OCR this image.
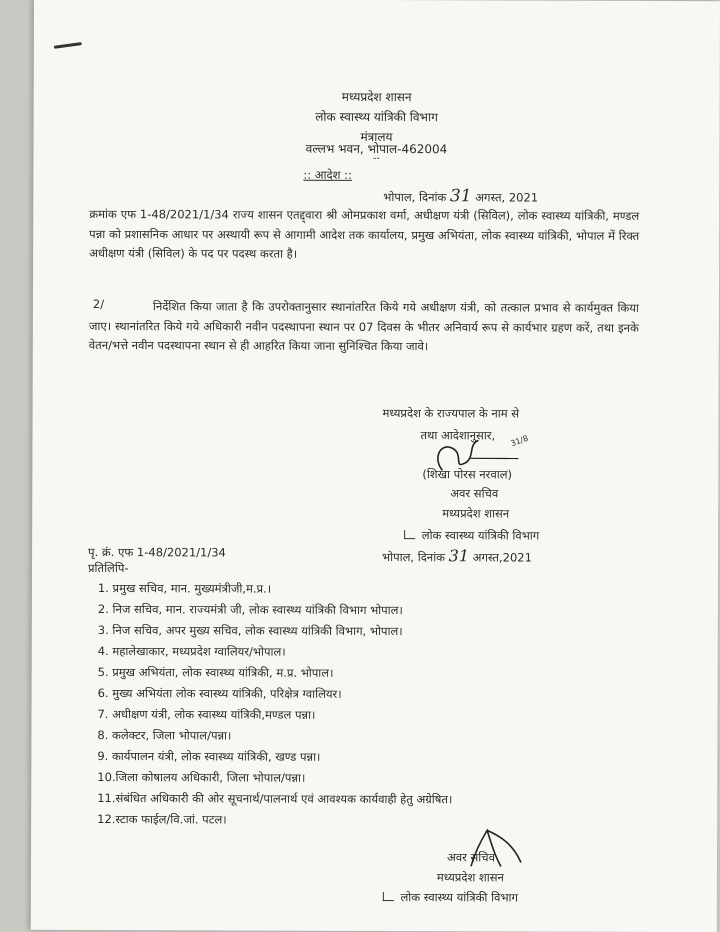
मध्यप्रदेश शासन
लोक स्वास्थ्य यांत्रिकी विभाग
मंत्रालय
वल्लभ भवन, भोपाल-462004
--
:: आदेश ::
भोपाल, दिनांक 31 अगस्त, 2021
क्रमांक एफ 1-48/2021/1/34 राज्य शासन एतद्द्वारा श्री ओमप्रकाश वर्मा, अधीक्षण यंत्री (सिविल), लोक स्वास्थ्य यांत्रिकी, मण्डल पन्ना को प्रशासनिक आधार पर अस्थायी रूप से आगामी आदेश तक कार्यालय, प्रमुख अभियंता, लोक स्वास्थ्य यांत्रिकी, भोपाल में रिक्त अधीक्षण यंत्री (सिविल) के पद पर पदस्थ करता है।
2/	निर्देशित किया जाता है कि उपरोक्तानुसार स्थानांतरित किये गये अधीक्षण यंत्री, को तत्काल प्रभाव से कार्यमुक्त किया जाए। स्थानांतरित किये गये अधिकारी नवीन पदस्थापना स्थान पर 07 दिवस के भीतर अनिवार्य रूप से कार्यभार ग्रहण करें, तथा इनके वेतन/भत्ते नवीन पदस्थापना स्थान से ही आहरित किया जाना सुनिश्चित किया जावे।
मध्यप्रदेश के राज्यपाल के नाम से
तथा आदेशानुसार, 31/8
(शिखा पोरस नरवाल)
अवर सचिव
मध्यप्रदेश शासन
लोक स्वास्थ्य यांत्रिकी विभाग
पृ. क्रं. एफ 1-48/2021/1/34	भोपाल, दिनांक 31 अगस्त,2021
प्रतिलिपि-
1. प्रमुख सचिव, मान. मुख्यमंत्रीजी,म.प्र.।
2. निज सचिव, मान. राज्यमंत्री जी, लोक स्वास्थ्य यांत्रिकी विभाग भोपाल।
3. निज सचिव, अपर मुख्य सचिव, लोक स्वास्थ्य यांत्रिकी विभाग, भोपाल।
4. महालेखाकार, मध्यप्रदेश ग्वालियर/भोपाल।
5. प्रमुख अभियंता, लोक स्वास्थ्य यांत्रिकी, म.प्र. भोपाल।
6. मुख्य अभियंता लोक स्वास्थ्य यांत्रिकी, परिक्षेत्र ग्वालियर।
7. अधीक्षण यंत्री, लोक स्वास्थ्य यांत्रिकी,मण्डल पन्ना।
8. कलेक्टर, जिला भोपाल/पन्ना।
9. कार्यपालन यंत्री, लोक स्वास्थ्य यांत्रिकी, खण्ड पन्ना।
10.जिला कोषालय अधिकारी, जिला भोपाल/पन्ना।
11.संबंधित अधिकारी की ओर सूचनार्थ/पालनार्थ एवं आवश्यक कार्यवाही हेतु अग्रेषित।
12.स्टाक फाईल/वि.जां. पटल।
अवर सचिव
मध्यप्रदेश शासन
लोक स्वास्थ्य यांत्रिकी विभाग
